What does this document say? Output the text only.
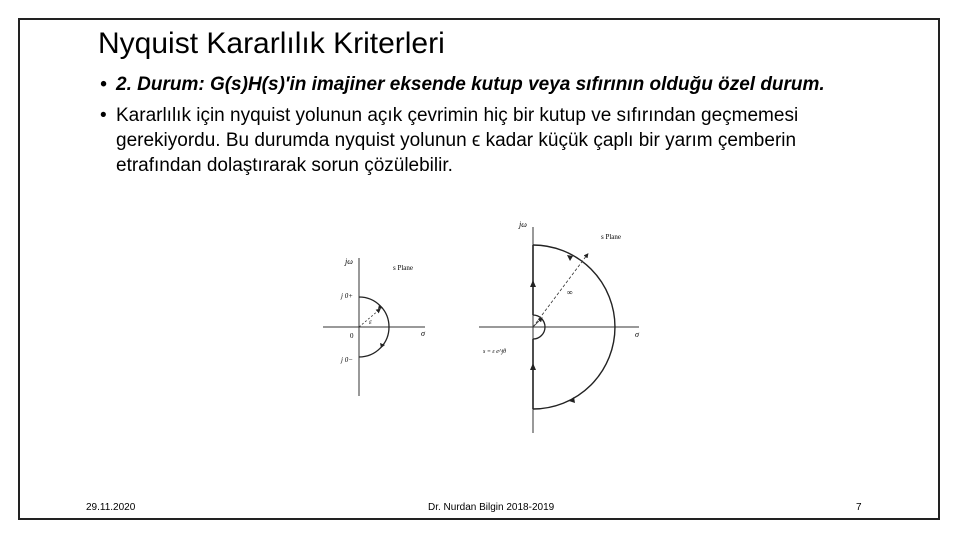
Nyquist Kararlılık Kriterleri
• 2. Durum: G(s)H(s)′in imajiner eksende kutup veya sıfırının olduğu özel durum.
• Kararlılık için nyquist yolunun açık çevrimin hiç bir kutup ve sıfırından geçmemesi gerekiyordu. Bu durumda nyquist yolunun ϵ kadar küçük çaplı bir yarım çemberin etrafından dolaştırarak sorun çözülebilir.
jω
s Plane
j 0+
j 0−
0	σ
ε
jω
s Plane
∞
σ
s = ε e^jθ
29.11.2020	Dr. Nurdan Bilgin 2018-2019	7
